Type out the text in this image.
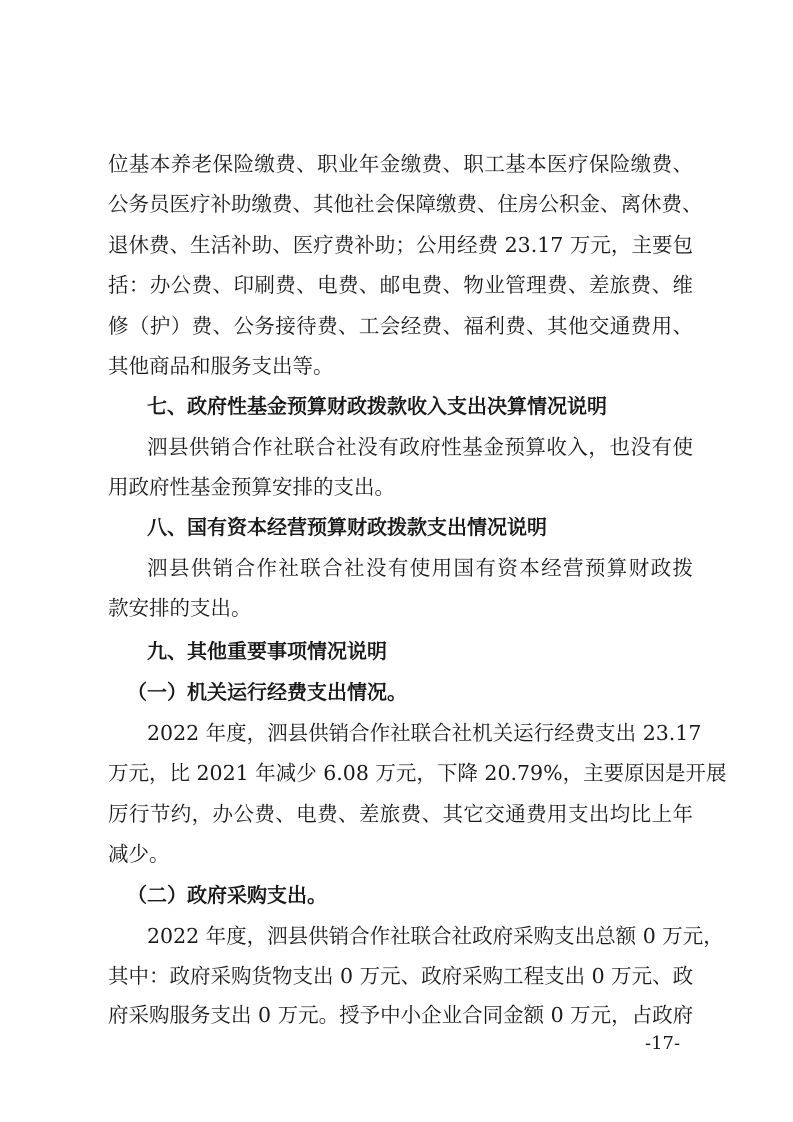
位基本养老保险缴费、职业年金缴费、职工基本医疗保险缴费、
公务员医疗补助缴费、其他社会保障缴费、住房公积金、离休费、
退休费、生活补助、医疗费补助；公用经费 23.17 万元，主要包
括：办公费、印刷费、电费、邮电费、物业管理费、差旅费、维
修（护）费、公务接待费、工会经费、福利费、其他交通费用、
其他商品和服务支出等。
七、政府性基金预算财政拨款收入支出决算情况说明
泗县供销合作社联合社没有政府性基金预算收入，也没有使
用政府性基金预算安排的支出。
八、国有资本经营预算财政拨款支出情况说明
泗县供销合作社联合社没有使用国有资本经营预算财政拨
款安排的支出。
九、其他重要事项情况说明
（一）机关运行经费支出情况。
2022 年度，泗县供销合作社联合社机关运行经费支出 23.17
万元，比 2021 年减少 6.08 万元，下降 20.79%，主要原因是开展
厉行节约，办公费、电费、差旅费、其它交通费用支出均比上年
减少。
（二）政府采购支出。
2022 年度，泗县供销合作社联合社政府采购支出总额 0 万元，
其中：政府采购货物支出 0 万元、政府采购工程支出 0 万元、政
府采购服务支出 0 万元。授予中小企业合同金额 0 万元，占政府
-17-
